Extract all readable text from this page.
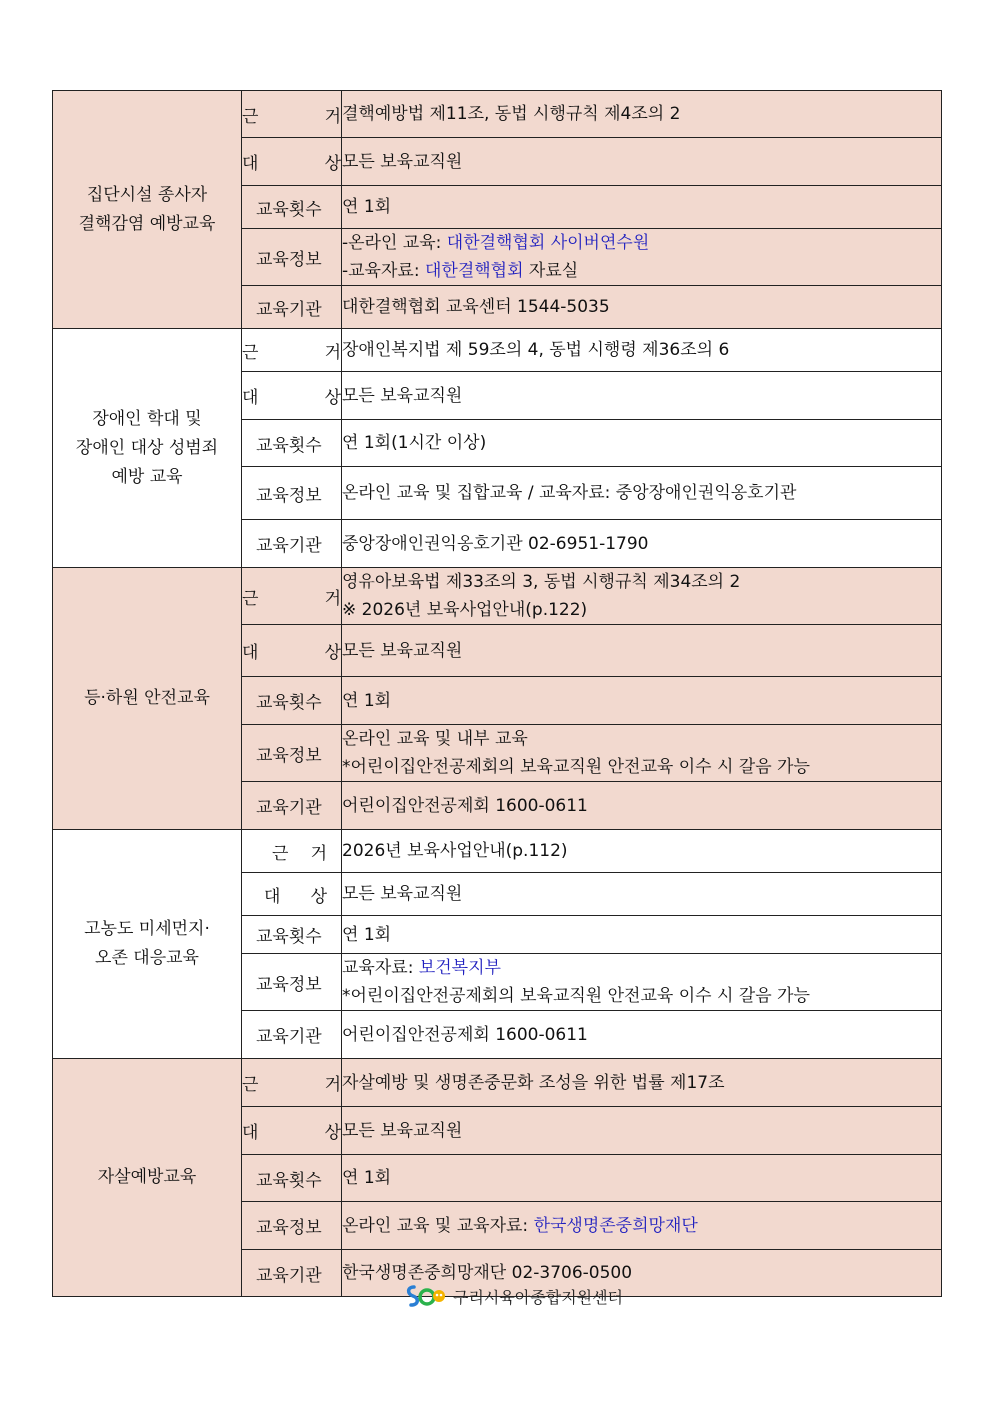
집단시설 종사자
결핵감염 예방교육	근 거	결핵예방법 제11조, 동법 시행규칙 제4조의 2
	대 상	모든 보육교직원
	교육횟수	연 1회
	교육정보	-온라인 교육: 대한결핵협회 사이버연수원
-교육자료: 대한결핵협회 자료실

	교육기관	대한결핵협회 교육센터 1544-5035

장애인 학대 및
장애인 대상 성범죄
예방 교육	근 거	장애인복지법 제 59조의 4, 동법 시행령 제36조의 6
	대 상	모든 보육교직원
	교육횟수	연 1회(1시간 이상)
	교육정보	온라인 교육 및 집합교육 / 교육자료: 중앙장애인권익옹호기관
	교육기관	중앙장애인권익옹호기관 02-6951-1790

등·하원 안전교육	근 거	영유아보육법 제33조의 3, 동법 시행규칙 제34조의 2
※ 2026년 보육사업안내(p.122)

	대 상	모든 보육교직원
	교육횟수	연 1회
	교육정보	온라인 교육 및 내부 교육
*어린이집안전공제회의 보육교직원 안전교육 이수 시 갈음 가능

	교육기관	어린이집안전공제회 1600-0611

고농도 미세먼지·
오존 대응교육	근 거	2026년 보육사업안내(p.112)
	대 상	모든 보육교직원
	교육횟수	연 1회
	교육정보	교육자료: 보건복지부
*어린이집안전공제회의 보육교직원 안전교육 이수 시 갈음 가능

	교육기관	어린이집안전공제회 1600-0611

자살예방교육	근 거	자살예방 및 생명존중문화 조성을 위한 법률 제17조
	대 상	모든 보육교직원
	교육횟수	연 1회
	교육정보	온라인 교육 및 교육자료: 한국생명존중희망재단
	교육기관	한국생명존중희망재단 02-3706-0500
구리시육아종합지원센터
